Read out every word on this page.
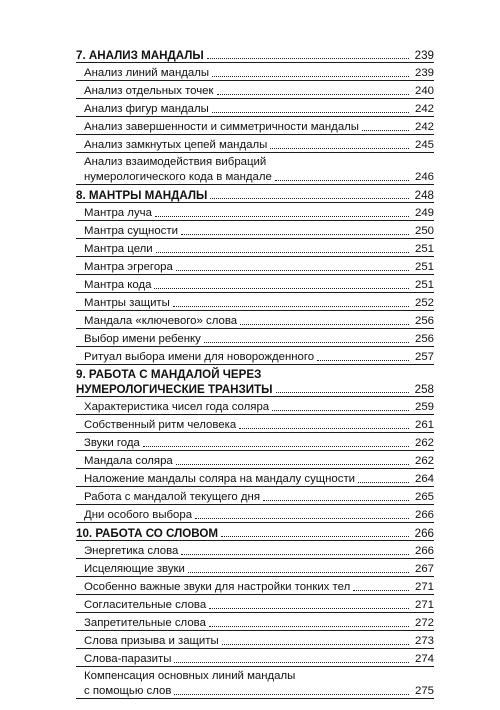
7. АНАЛИЗ МАНДАЛЫ	239
Анализ линий мандалы	239
Анализ отдельных точек	240
Анализ фигур мандалы	242
Анализ завершенности и симметричности мандалы	242
Анализ замкнутых цепей мандалы	245
Анализ взаимодействия вибраций
нумерологического кода в мандале	246
8. МАНТРЫ МАНДАЛЫ	248
Мантра луча	249
Мантра сущности	250
Мантра цели	251
Мантра эгрегора	251
Мантра кода	251
Мантры защиты	252
Мандала «ключевого» слова	256
Выбор имени ребенку	256
Ритуал выбора имени для новорожденного	257
9. РАБОТА С МАНДАЛОЙ ЧЕРЕЗ
НУМЕРОЛОГИЧЕСКИЕ ТРАНЗИТЫ	258
Характеристика чисел года соляра	259
Собственный ритм человека	261
Звуки года	262
Мандала соляра	262
Наложение мандалы соляра на мандалу сущности	264
Работа с мандалой текущего дня	265
Дни особого выбора	266
10. РАБОТА СО СЛОВОМ	266
Энергетика слова	266
Исцеляющие звуки	267
Особенно важные звуки для настройки тонких тел	271
Согласительные слова	271
Запретительные слова	272
Слова призыва и защиты	273
Слова-паразиты	274
Компенсация основных линий мандалы
с помощью слов	275
